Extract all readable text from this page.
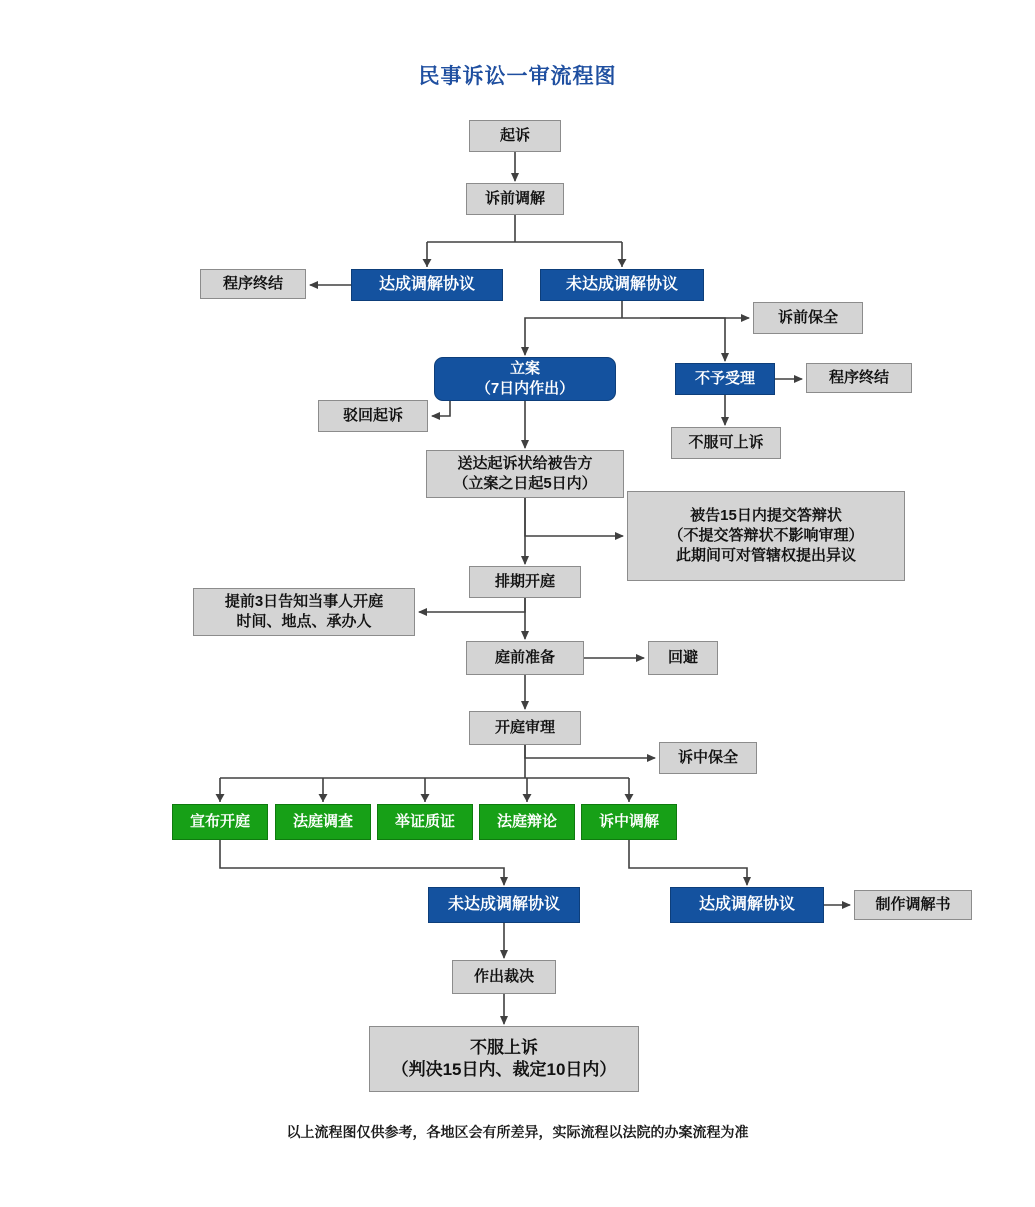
民事诉讼一审流程图
起诉
诉前调解
程序终结	达成调解协议	未达成调解协议
诉前保全
立案
（7日内作出）
不予受理	程序终结
驳回起诉
不服可上诉
送达起诉状给被告方
（立案之日起5日内）
被告15日内提交答辩状
（不提交答辩状不影响审理）
此期间可对管辖权提出异议
排期开庭
提前3日告知当事人开庭
时间、地点、承办人
庭前准备	回避
开庭审理
诉中保全
宣布开庭	法庭调查	举证质证	法庭辩论	诉中调解
未达成调解协议	达成调解协议	制作调解书
作出裁决
不服上诉
（判决15日内、裁定10日内）
以上流程图仅供参考，各地区会有所差异，实际流程以法院的办案流程为准
